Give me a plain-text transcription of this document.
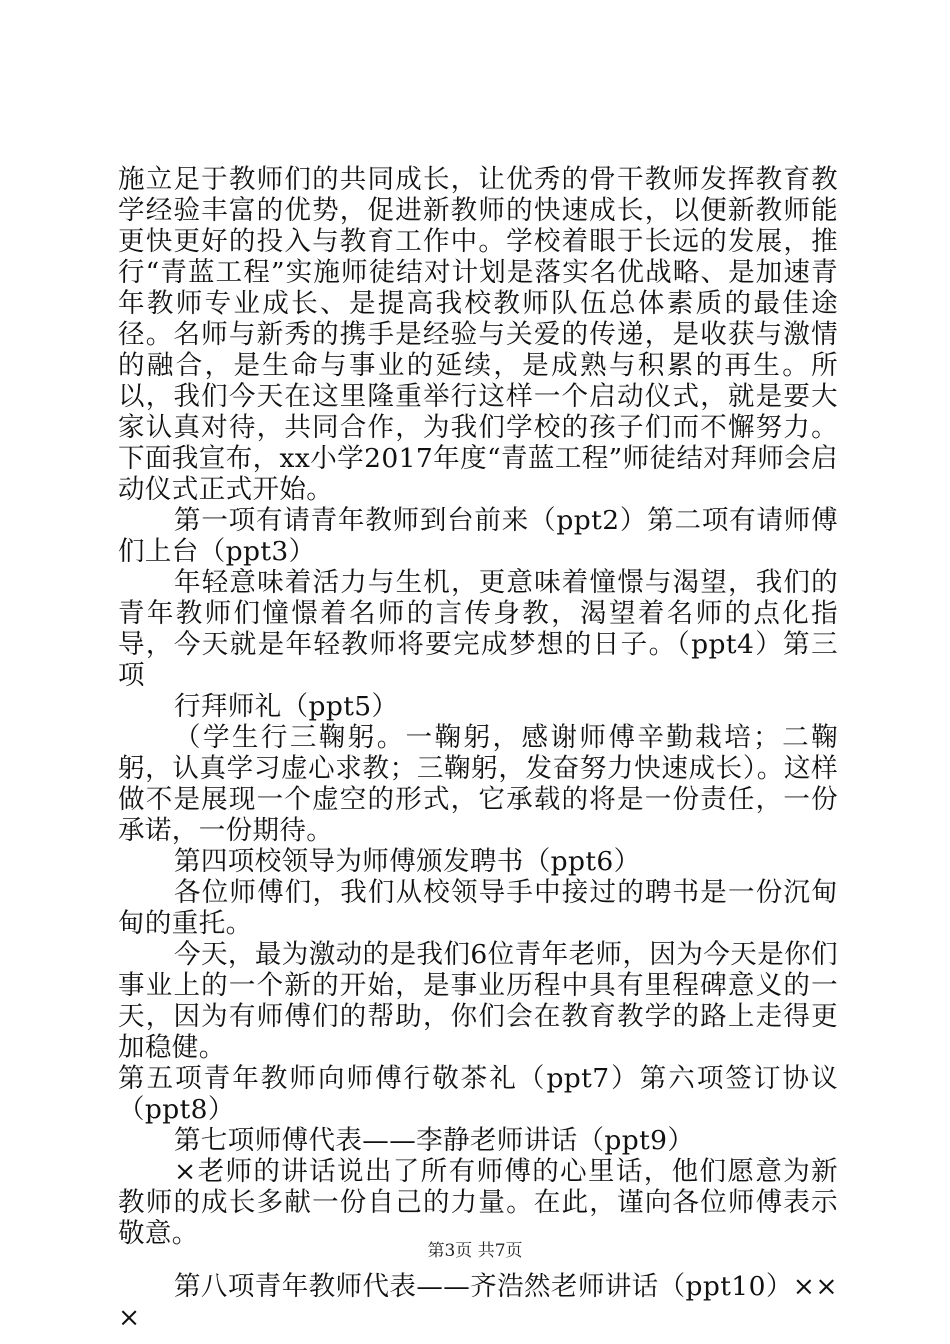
施立足于教师们的共同成长，让优秀的骨干教师发挥教育教学经验丰富的优势，促进新教师的快速成长，以便新教师能更快更好的投入与教育工作中。学校着眼于长远的发展，推行“青蓝工程”实施师徒结对计划是落实名优战略、是加速青年教师专业成长、是提高我校教师队伍总体素质的最佳途径。名师与新秀的携手是经验与关爱的传递，是收获与激情的融合，是生命与事业的延续，是成熟与积累的再生。所以，我们今天在这里隆重举行这样一个启动仪式，就是要大家认真对待，共同合作，为我们学校的孩子们而不懈努力。下面我宣布，xx小学2017年度“青蓝工程”师徒结对拜师会启动仪式正式开始。

第一项有请青年教师到台前来（ppt2）第二项有请师傅们上台（ppt3）

年轻意味着活力与生机，更意味着憧憬与渴望，我们的青年教师们憧憬着名师的言传身教，渴望着名师的点化指导，今天就是年轻教师将要完成梦想的日子。（ppt4）第三项

行拜师礼（ppt5）

（学生行三鞠躬。一鞠躬，感谢师傅辛勤栽培；二鞠躬，认真学习虚心求教；三鞠躬，发奋努力快速成长）。这样做不是展现一个虚空的形式，它承载的将是一份责任，一份承诺，一份期待。

第四项校领导为师傅颁发聘书（ppt6）

各位师傅们，我们从校领导手中接过的聘书是一份沉甸甸的重托。

今天，最为激动的是我们6位青年老师，因为今天是你们事业上的一个新的开始，是事业历程中具有里程碑意义的一天，因为有师傅们的帮助，你们会在教育教学的路上走得更加稳健。

第五项青年教师向师傅行敬茶礼（ppt7）第六项签订协议（ppt8）

第七项师傅代表——李静老师讲话（ppt9）

×老师的讲话说出了所有师傅的心里话，他们愿意为新教师的成长多献一份自己的力量。在此，谨向各位师傅表示敬意。

第八项青年教师代表——齐浩然老师讲话（ppt10）×××

第3页 共7页
